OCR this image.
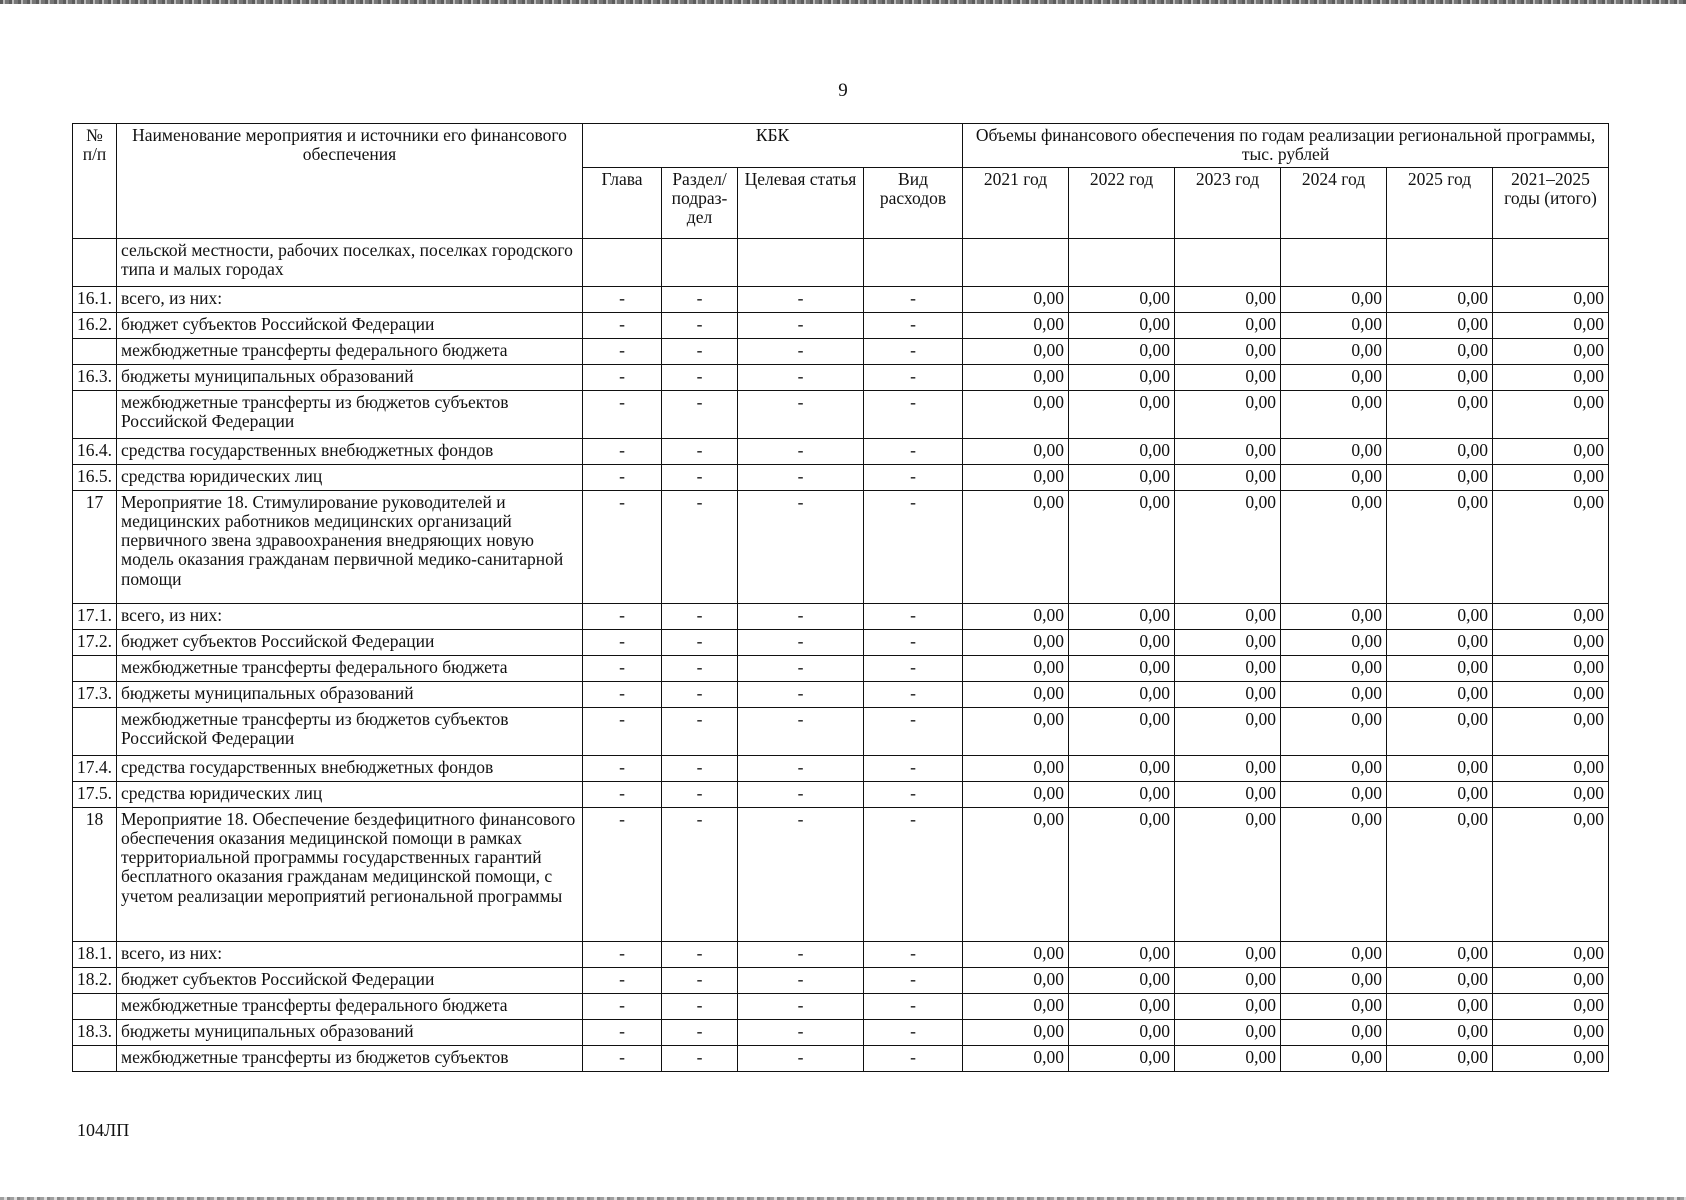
9
№
п/п	Наименование мероприятия и источники его финансового обеспечения	КБК				Объемы финансового обеспечения по годам реализации региональной программы, тыс. рублей					
		Глава	Раздел/ подраз- дел	Целевая статья	Вид расходов	2021 год	2022 год	2023 год	2024 год	2025 год	2021–2025 годы (итого)
	сельской местности, рабочих поселках, поселках городского типа и малых городах										
16.1.	всего, из них:	-	-	-	-	0,00	0,00	0,00	0,00	0,00	0,00
16.2.	бюджет субъектов Российской Федерации	-	-	-	-	0,00	0,00	0,00	0,00	0,00	0,00
	межбюджетные трансферты федерального бюджета	-	-	-	-	0,00	0,00	0,00	0,00	0,00	0,00
16.3.	бюджеты муниципальных образований	-	-	-	-	0,00	0,00	0,00	0,00	0,00	0,00
	межбюджетные трансферты из бюджетов субъектов Российской Федерации	-	-	-	-	0,00	0,00	0,00	0,00	0,00	0,00
16.4.	средства государственных внебюджетных фондов	-	-	-	-	0,00	0,00	0,00	0,00	0,00	0,00
16.5.	средства юридических лиц	-	-	-	-	0,00	0,00	0,00	0,00	0,00	0,00
17	Мероприятие 18. Стимулирование руководителей и медицинских работников медицинских организаций первичного звена здравоохранения внедряющих новую модель оказания гражданам первичной медико-санитарной помощи	-	-	-	-	0,00	0,00	0,00	0,00	0,00	0,00
17.1.	всего, из них:	-	-	-	-	0,00	0,00	0,00	0,00	0,00	0,00
17.2.	бюджет субъектов Российской Федерации	-	-	-	-	0,00	0,00	0,00	0,00	0,00	0,00
	межбюджетные трансферты федерального бюджета	-	-	-	-	0,00	0,00	0,00	0,00	0,00	0,00
17.3.	бюджеты муниципальных образований	-	-	-	-	0,00	0,00	0,00	0,00	0,00	0,00
	межбюджетные трансферты из бюджетов субъектов Российской Федерации	-	-	-	-	0,00	0,00	0,00	0,00	0,00	0,00
17.4.	средства государственных внебюджетных фондов	-	-	-	-	0,00	0,00	0,00	0,00	0,00	0,00
17.5.	средства юридических лиц	-	-	-	-	0,00	0,00	0,00	0,00	0,00	0,00
18	Мероприятие 18. Обеспечение бездефицитного финансового обеспечения оказания медицинской помощи в рамках территориальной программы государственных гарантий бесплатного оказания гражданам медицинской помощи, с учетом реализации мероприятий региональной программы	-	-	-	-	0,00	0,00	0,00	0,00	0,00	0,00
18.1.	всего, из них:	-	-	-	-	0,00	0,00	0,00	0,00	0,00	0,00
18.2.	бюджет субъектов Российской Федерации	-	-	-	-	0,00	0,00	0,00	0,00	0,00	0,00
	межбюджетные трансферты федерального бюджета	-	-	-	-	0,00	0,00	0,00	0,00	0,00	0,00
18.3.	бюджеты муниципальных образований	-	-	-	-	0,00	0,00	0,00	0,00	0,00	0,00
	межбюджетные трансферты из бюджетов субъектов	-	-	-	-	0,00	0,00	0,00	0,00	0,00	0,00
104ЛП
